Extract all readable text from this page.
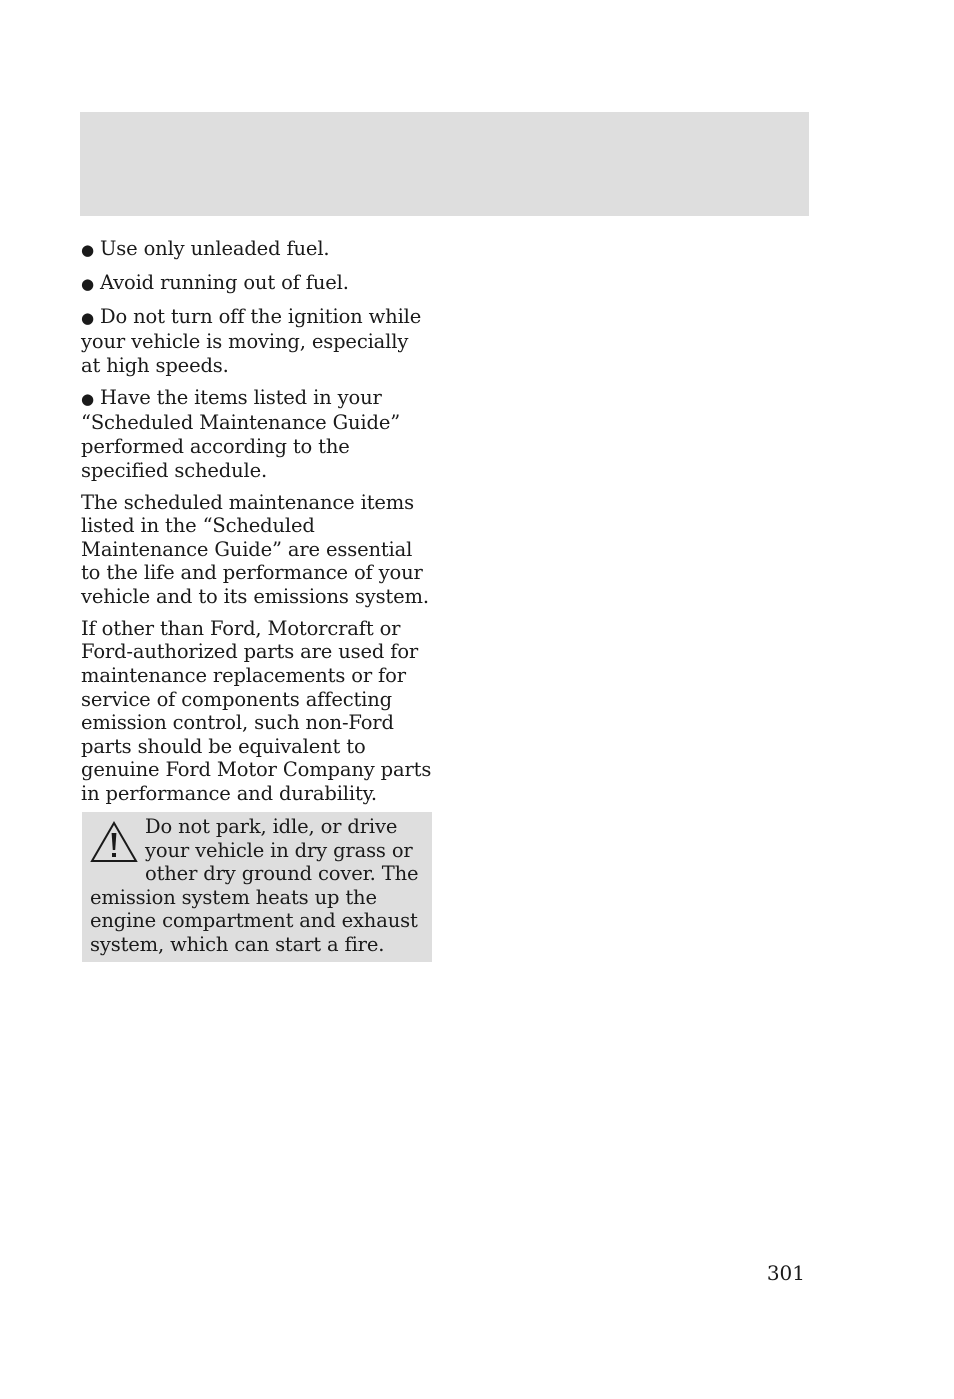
● Use only unleaded fuel.

● Avoid running out of fuel.

● Do not turn off the ignition while your vehicle is moving, especially at high speeds.

● Have the items listed in your “Scheduled Maintenance Guide” performed according to the specified schedule.

The scheduled maintenance items listed in the “Scheduled Maintenance Guide” are essential to the life and performance of your vehicle and to its emissions system.

If other than Ford, Motorcraft or Ford-authorized parts are used for maintenance replacements or for service of components affecting emission control, such non-Ford parts should be equivalent to genuine Ford Motor Company parts in performance and durability.

Do not park, idle, or drive your vehicle in dry grass or other dry ground cover. The emission system heats up the engine compartment and exhaust system, which can start a fire.
301
